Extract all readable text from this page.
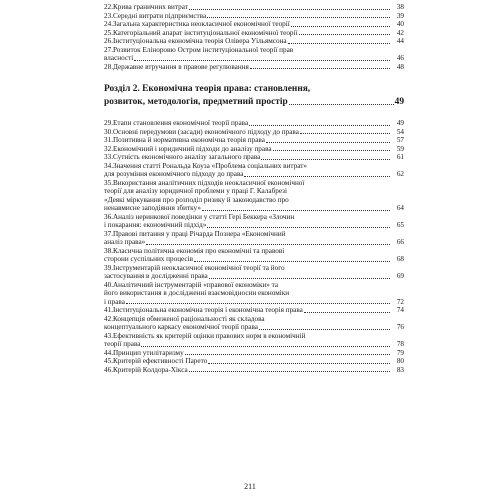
22.Крива граничних витрат	38
23.Середні витрати підприємства	39
24.Загальна характеристика неокласичної економічної теорії	40
25.Категоріальний апарат інституціональної економічної теорії	42
26.Інституціональна економічна теорія Олівера Уільямсона	44
27.Розвиток Еліноровю Остром інституціональної теорії прав
власності	46
28.Державне втручання в правове регулювання	48
Розділ 2. Економічна теорія права: становлення,
розвиток, методологія, предметний простір	49
29.Етапи становлення економічної теорії права	49
30.Основні передумови (засади) економічного підходу до права	54
31.Позитивна й нормативна економічна теорія права	57
32.Економічний і юридичний підходи до аналізу права	59
33.Сутність економічного аналізу загального права	61
34.Значення статті Рональда Коуза «Проблема соціальних витрат»
для розуміння економічного підходу до права	62
35.Використання аналітичних підходів неокласичної економічної
теорії для аналізу юридичної проблеми у праці Г. Калабрезі
«Деякі міркування про розподіл ризику й законодавство про
ненавмисне заподіяння збитку»	64
36.Аналіз неринкової поведінки у статті Гері Беккера «Злочин
і покарання: економічний підхід»	65
37.Правові питання у праці Річарда Познера «Економічний
аналіз права»	66
38.Класична політична економія про економічні та правові
сторони суспільних процесів	68
39.Інструментарій неокласичної економічної теорії та його
застосування в дослідженні права	69
40.Аналітичний інструментарій «правової економіки» та
його використання в дослідженні взаємовідносин економіки
і права	72
41.Інституціональна економічна теорія і економічна теорія права	74
42.Концепція обмеженої раціональності як складова
концептуального каркасу економічної теорії права	76
43.Ефективність як критерій оцінки правових норм в економічній
теорії права	78
44.Принцип утилітаризму	79
45.Критерій ефективності Парето	80
46.Критерій Колдора-Хікса	83
211
